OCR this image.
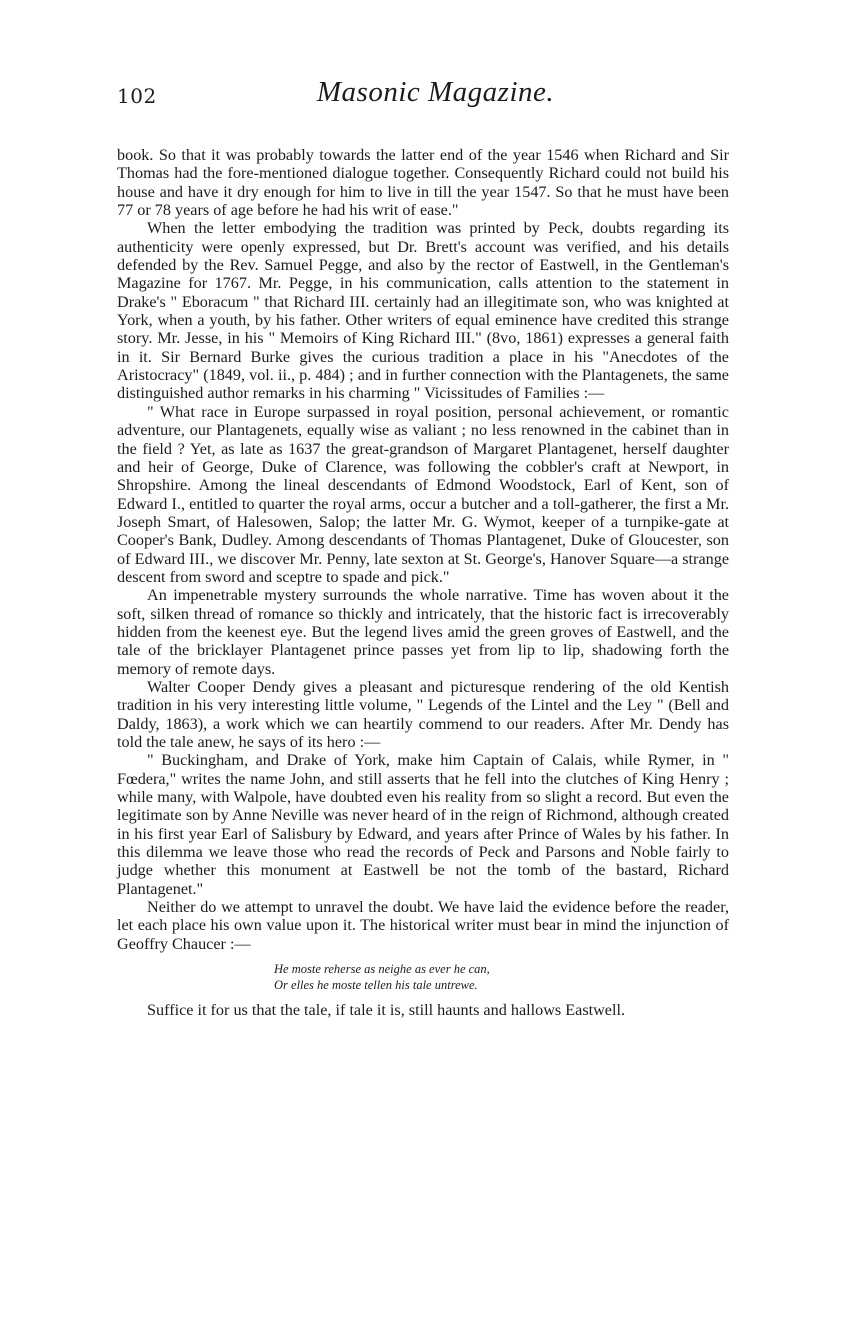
102	Masonic Magazine.

book. So that it was probably towards the latter end of the year 1546 when Richard and Sir Thomas had the fore-mentioned dialogue together. Consequently Richard could not build his house and have it dry enough for him to live in till the year 1547. So that he must have been 77 or 78 years of age before he had his writ of ease."

When the letter embodying the tradition was printed by Peck, doubts regarding its authenticity were openly expressed, but Dr. Brett's account was verified, and his details defended by the Rev. Samuel Pegge, and also by the rector of Eastwell, in the Gentleman's Magazine for 1767. Mr. Pegge, in his communication, calls attention to the statement in Drake's " Eboracum " that Richard III. certainly had an illegitimate son, who was knighted at York, when a youth, by his father. Other writers of equal eminence have credited this strange story. Mr. Jesse, in his " Memoirs of King Richard III." (8vo, 1861) expresses a general faith in it. Sir Bernard Burke gives the curious tradition a place in his "Anecdotes of the Aristocracy" (1849, vol. ii., p. 484) ; and in further connection with the Plantagenets, the same distinguished author remarks in his charming " Vicissitudes of Families :—

" What race in Europe surpassed in royal position, personal achievement, or romantic adventure, our Plantagenets, equally wise as valiant ; no less renowned in the cabinet than in the field ? Yet, as late as 1637 the great-grandson of Margaret Plantagenet, herself daughter and heir of George, Duke of Clarence, was following the cobbler's craft at Newport, in Shropshire. Among the lineal descendants of Edmond Woodstock, Earl of Kent, son of Edward I., entitled to quarter the royal arms, occur a butcher and a toll-gatherer, the first a Mr. Joseph Smart, of Halesowen, Salop; the latter Mr. G. Wymot, keeper of a turnpike-gate at Cooper's Bank, Dudley. Among descendants of Thomas Plantagenet, Duke of Gloucester, son of Edward III., we discover Mr. Penny, late sexton at St. George's, Hanover Square—a strange descent from sword and sceptre to spade and pick."

An impenetrable mystery surrounds the whole narrative. Time has woven about it the soft, silken thread of romance so thickly and intricately, that the historic fact is irrecoverably hidden from the keenest eye. But the legend lives amid the green groves of Eastwell, and the tale of the bricklayer Plantagenet prince passes yet from lip to lip, shadowing forth the memory of remote days.

Walter Cooper Dendy gives a pleasant and picturesque rendering of the old Kentish tradition in his very interesting little volume, " Legends of the Lintel and the Ley " (Bell and Daldy, 1863), a work which we can heartily commend to our readers. After Mr. Dendy has told the tale anew, he says of its hero :—

" Buckingham, and Drake of York, make him Captain of Calais, while Rymer, in " Fœdera," writes the name John, and still asserts that he fell into the clutches of King Henry ; while many, with Walpole, have doubted even his reality from so slight a record. But even the legitimate son by Anne Neville was never heard of in the reign of Richmond, although created in his first year Earl of Salisbury by Edward, and years after Prince of Wales by his father. In this dilemma we leave those who read the records of Peck and Parsons and Noble fairly to judge whether this monument at Eastwell be not the tomb of the bastard, Richard Plantagenet."

Neither do we attempt to unravel the doubt. We have laid the evidence before the reader, let each place his own value upon it. The historical writer must bear in mind the injunction of Geoffry Chaucer :—

He moste reherse as neighe as ever he can,
Or elles he moste tellen his tale untrewe.

Suffice it for us that the tale, if tale it is, still haunts and hallows Eastwell.
